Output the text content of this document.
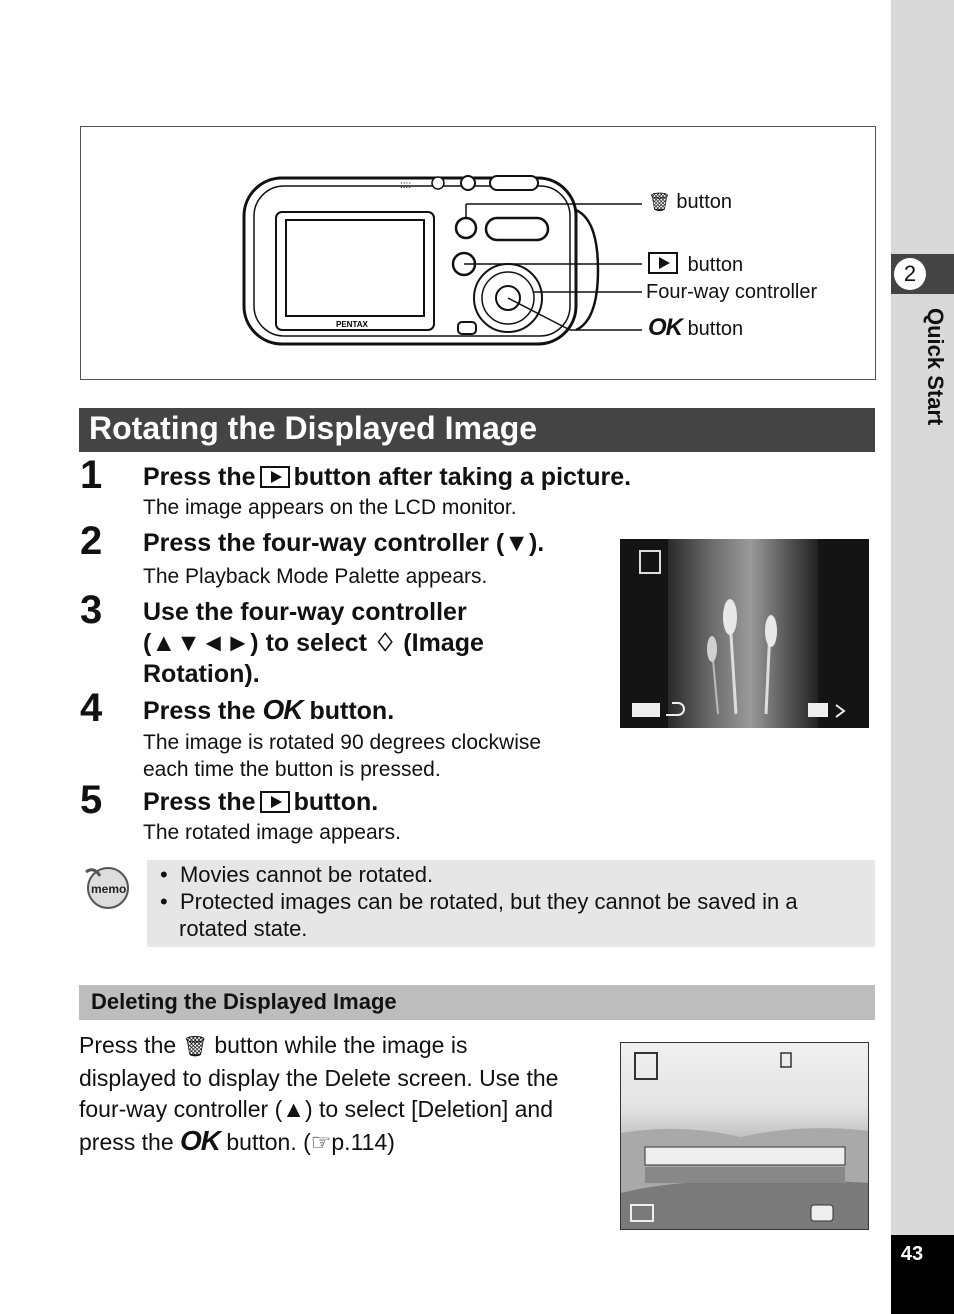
2
Quick Start
43
::::
PENTAX
🗑 button
button
Four-way controller
OK button
Rotating the Displayed Image
1 Press the button after taking a picture.
The image appears on the LCD monitor.
2 Press the four-way controller (▼).
The Playback Mode Palette appears.
3 Use the four-way controller
(▲▼◄►) to select ♢ (Image
Rotation).
4 Press the OK button.
The image is rotated 90 degrees clockwise
each time the button is pressed.
5 Press the button.
The rotated image appears.
memo
•  Movies cannot be rotated.
•  Protected images can be rotated, but they cannot be saved in a
rotated state.
Deleting the Displayed Image
Press the 🗑 button while the image is
displayed to display the Delete screen. Use the
four-way controller (▲) to select [Deletion] and
press the OK button. (☞p.114)
